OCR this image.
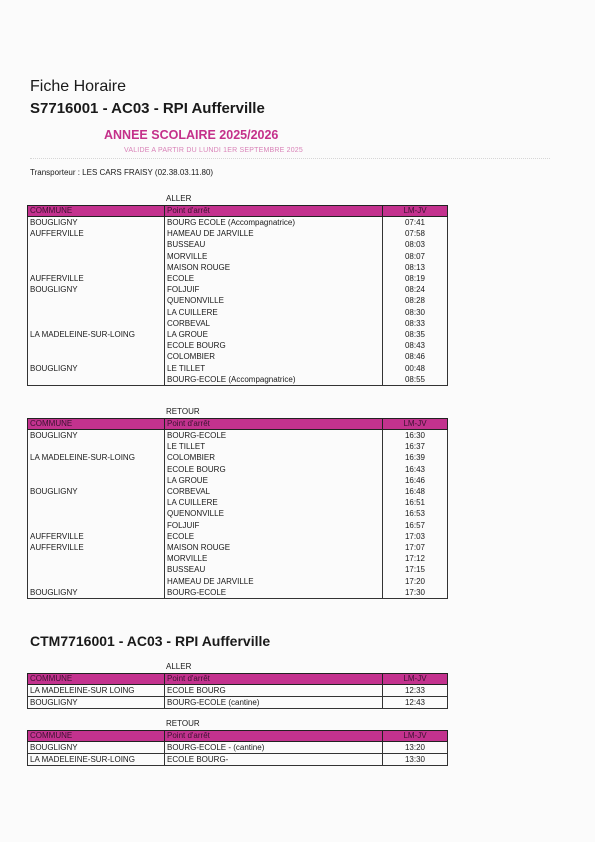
Fiche Horaire
S7716001 - AC03 - RPI Aufferville
ANNEE SCOLAIRE 2025/2026
VALIDE A PARTIR DU LUNDI 1ER SEPTEMBRE 2025
Transporteur : LES CARS FRAISY (02.38.03.11.80)
ALLER
COMMUNE	Point d'arrêt	LM-JV
BOUGLIGNY	BOURG ECOLE (Accompagnatrice)	07:41
AUFFERVILLE	HAMEAU DE JARVILLE	07:58
	BUSSEAU	08:03
	MORVILLE	08:07
	MAISON ROUGE	08:13
AUFFERVILLE	ECOLE	08:19
BOUGLIGNY	FOLJUIF	08:24
	QUENONVILLE	08:28
	LA CUILLERE	08:30
	CORBEVAL	08:33
LA MADELEINE-SUR-LOING	LA GROUE	08:35
	ECOLE BOURG	08:43
	COLOMBIER	08:46
BOUGLIGNY	LE TILLET	00:48
	BOURG-ECOLE (Accompagnatrice)	08:55
RETOUR
COMMUNE	Point d'arrêt	LM-JV
BOUGLIGNY	BOURG-ECOLE	16:30
	LE TILLET	16:37
LA MADELEINE-SUR-LOING	COLOMBIER	16:39
	ECOLE BOURG	16:43
	LA GROUE	16:46
BOUGLIGNY	CORBEVAL	16:48
	LA CUILLERE	16:51
	QUENONVILLE	16:53
	FOLJUIF	16:57
AUFFERVILLE	ECOLE	17:03
AUFFERVILLE	MAISON ROUGE	17:07
	MORVILLE	17:12
	BUSSEAU	17:15
	HAMEAU DE JARVILLE	17:20
BOUGLIGNY	BOURG-ECOLE	17:30
CTM7716001 - AC03 - RPI Aufferville
ALLER
COMMUNE	Point d'arrêt	LM-JV
LA MADELEINE-SUR LOING	ECOLE BOURG	12:33
BOUGLIGNY	BOURG-ECOLE (cantine)	12:43
RETOUR
COMMUNE	Point d'arrêt	LM-JV
BOUGLIGNY	BOURG-ECOLE - (cantine)	13:20
LA MADELEINE-SUR-LOING	ECOLE BOURG-	13:30
